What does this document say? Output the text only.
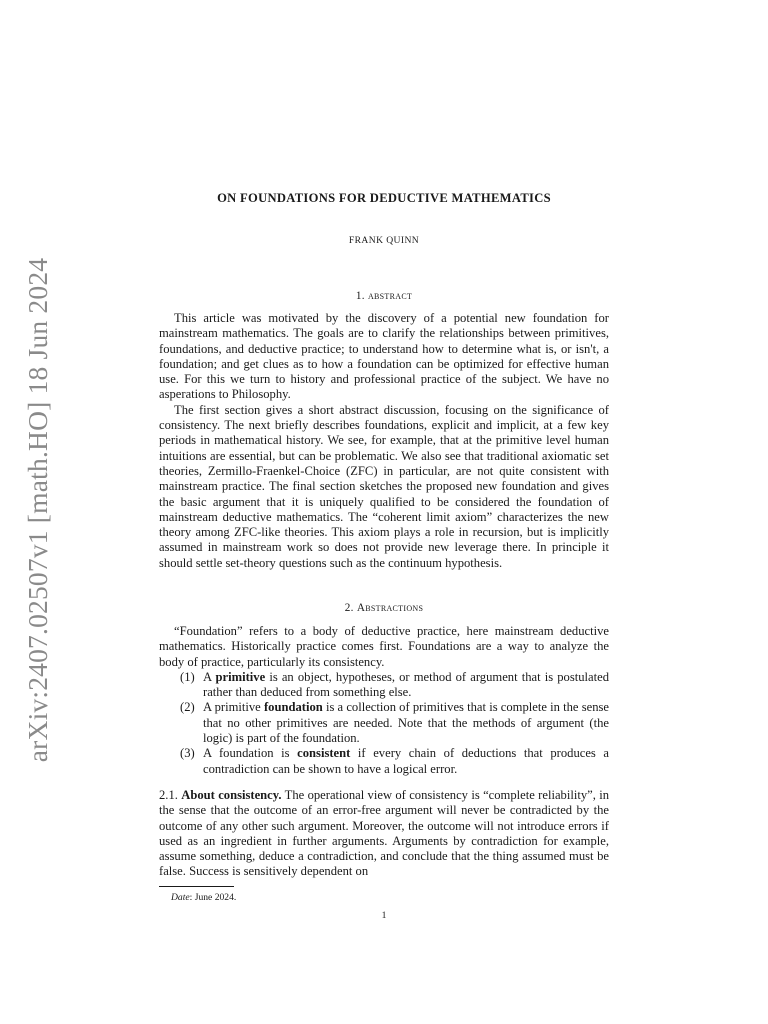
arXiv:2407.02507v1 [math.HO] 18 Jun 2024
ON FOUNDATIONS FOR DEDUCTIVE MATHEMATICS
FRANK QUINN
1. abstract

This article was motivated by the discovery of a potential new foundation for mainstream mathematics. The goals are to clarify the relationships between primitives, foundations, and deductive practice; to understand how to determine what is, or isn't, a foundation; and get clues as to how a foundation can be optimized for effective human use. For this we turn to history and professional practice of the subject. We have no asperations to Philosophy.

The first section gives a short abstract discussion, focusing on the significance of consistency. The next briefly describes foundations, explicit and implicit, at a few key periods in mathematical history. We see, for example, that at the primitive level human intuitions are essential, but can be problematic. We also see that traditional axiomatic set theories, Zermillo-Fraenkel-Choice (ZFC) in particular, are not quite consistent with mainstream practice. The final section sketches the proposed new foundation and gives the basic argument that it is uniquely qualified to be considered the foundation of mainstream deductive mathematics. The “coherent limit axiom” characterizes the new theory among ZFC-like theories. This axiom plays a role in recursion, but is implicitly assumed in mainstream work so does not provide new leverage there. In principle it should settle set-theory questions such as the continuum hypothesis.

2. Abstractions

“Foundation” refers to a body of deductive practice, here mainstream deductive mathematics. Historically practice comes first. Foundations are a way to analyze the body of practice, particularly its consistency.

(1) A primitive is an object, hypotheses, or method of argument that is postulated rather than deduced from something else.
(2) A primitive foundation is a collection of primitives that is complete in the sense that no other primitives are needed. Note that the methods of argument (the logic) is part of the foundation.
(3) A foundation is consistent if every chain of deductions that produces a contradiction can be shown to have a logical error.

2.1. About consistency. The operational view of consistency is “complete reliability”, in the sense that the outcome of an error-free argument will never be contradicted by the outcome of any other such argument. Moreover, the outcome will not introduce errors if used as an ingredient in further arguments. Arguments by contradiction for example, assume something, deduce a contradiction, and conclude that the thing assumed must be false. Success is sensitively dependent on

Date: June 2024.
1
